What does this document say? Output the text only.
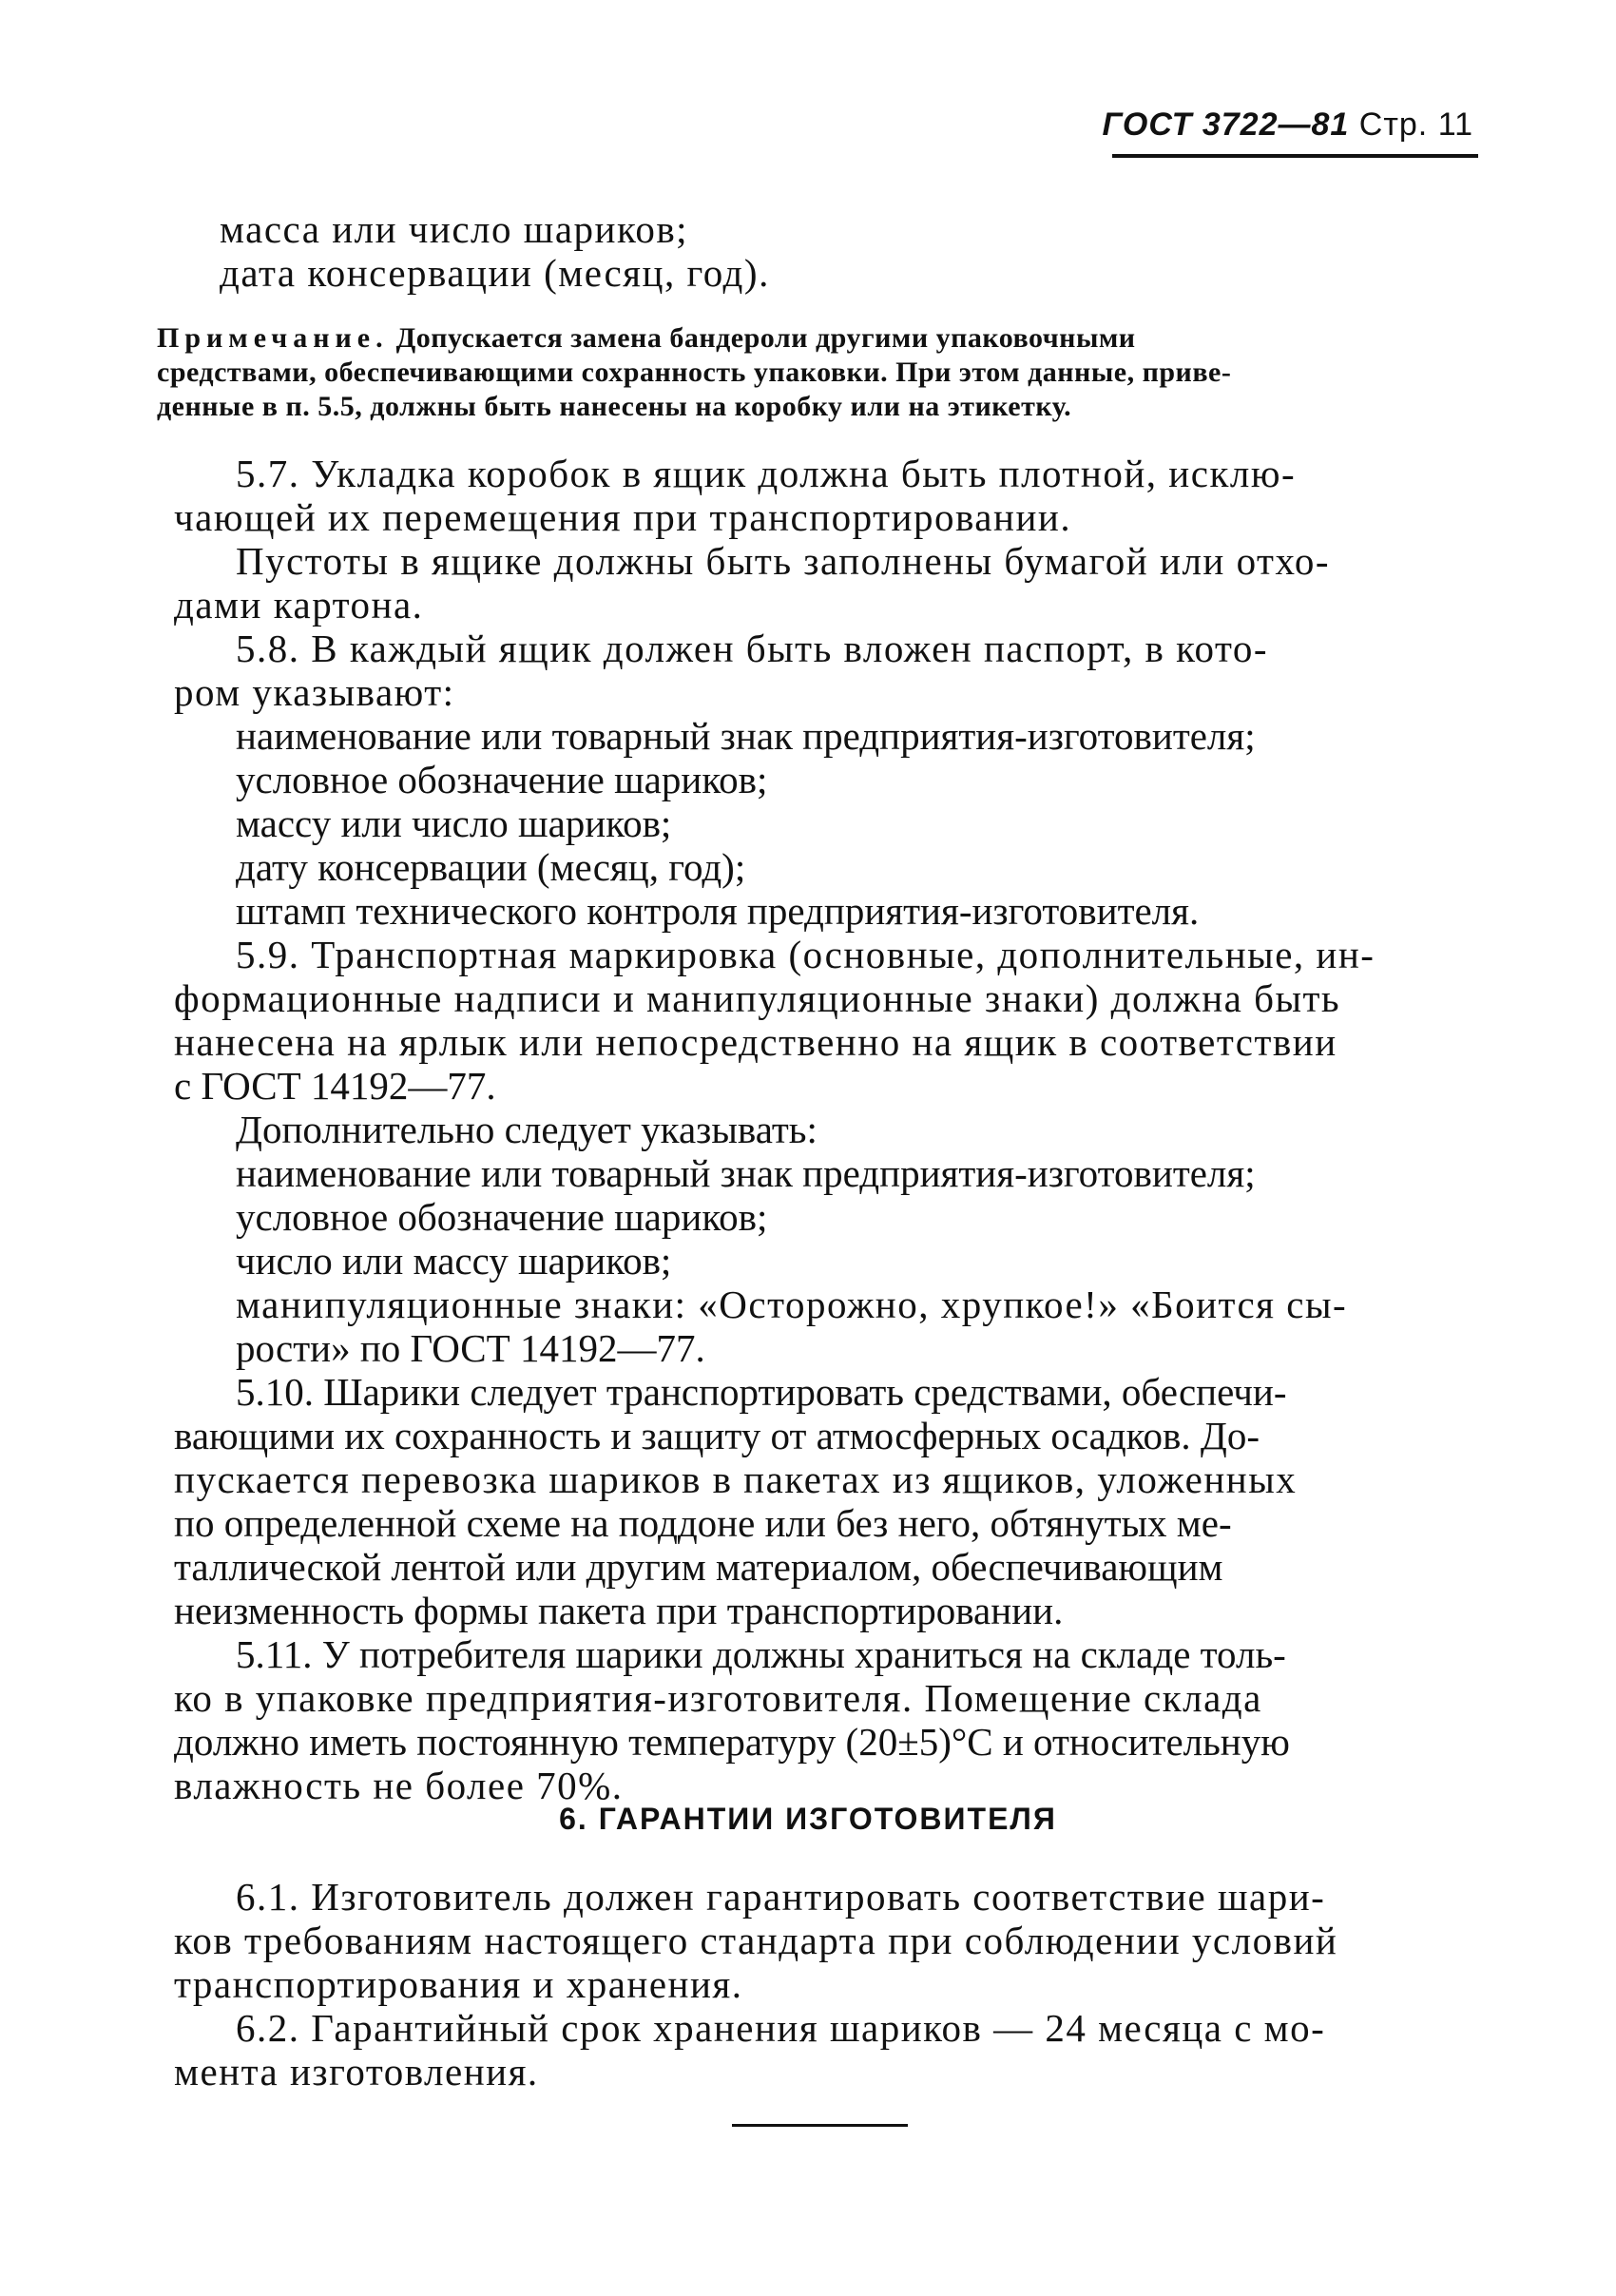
ГОСТ 3722—81 Стр. 11
масса или число шариков;
дата консервации (месяц, год).
Примечание. Допускается замена бандероли другими упаковочными
средствами, обеспечивающими сохранность упаковки. При этом данные, приве-
денные в п. 5.5, должны быть нанесены на коробку или на этикетку.
5.7. Укладка коробок в ящик должна быть плотной, исклю-
чающей их перемещения при транспортировании.
Пустоты в ящике должны быть заполнены бумагой или отхо-
дами картона.
5.8. В каждый ящик должен быть вложен паспорт, в кото-
ром указывают:
наименование или товарный знак предприятия-изготовителя;
условное обозначение шариков;
массу или число шариков;
дату консервации (месяц, год);
штамп технического контроля предприятия-изготовителя.
5.9. Транспортная маркировка (основные, дополнительные, ин-
формационные надписи и манипуляционные знаки) должна быть
нанесена на ярлык или непосредственно на ящик в соответствии
с ГОСТ 14192—77.
Дополнительно следует указывать:
наименование или товарный знак предприятия-изготовителя;
условное обозначение шариков;
число или массу шариков;
манипуляционные знаки: «Осторожно, хрупкое!» «Боится сы-
рости» по ГОСТ 14192—77.
5.10. Шарики следует транспортировать средствами, обеспечи-
вающими их сохранность и защиту от атмосферных осадков. До-
пускается перевозка шариков в пакетах из ящиков, уложенных
по определенной схеме на поддоне или без него, обтянутых ме-
таллической лентой или другим материалом, обеспечивающим
неизменность формы пакета при транспортировании.
5.11. У потребителя шарики должны храниться на складе толь-
ко в упаковке предприятия-изготовителя. Помещение склада
должно иметь постоянную температуру (20±5)°С и относительную
влажность не более 70%.
6. ГАРАНТИИ ИЗГОТОВИТЕЛЯ
6.1. Изготовитель должен гарантировать соответствие шари-
ков требованиям настоящего стандарта при соблюдении условий
транспортирования и хранения.
6.2. Гарантийный срок хранения шариков — 24 месяца с мо-
мента изготовления.
